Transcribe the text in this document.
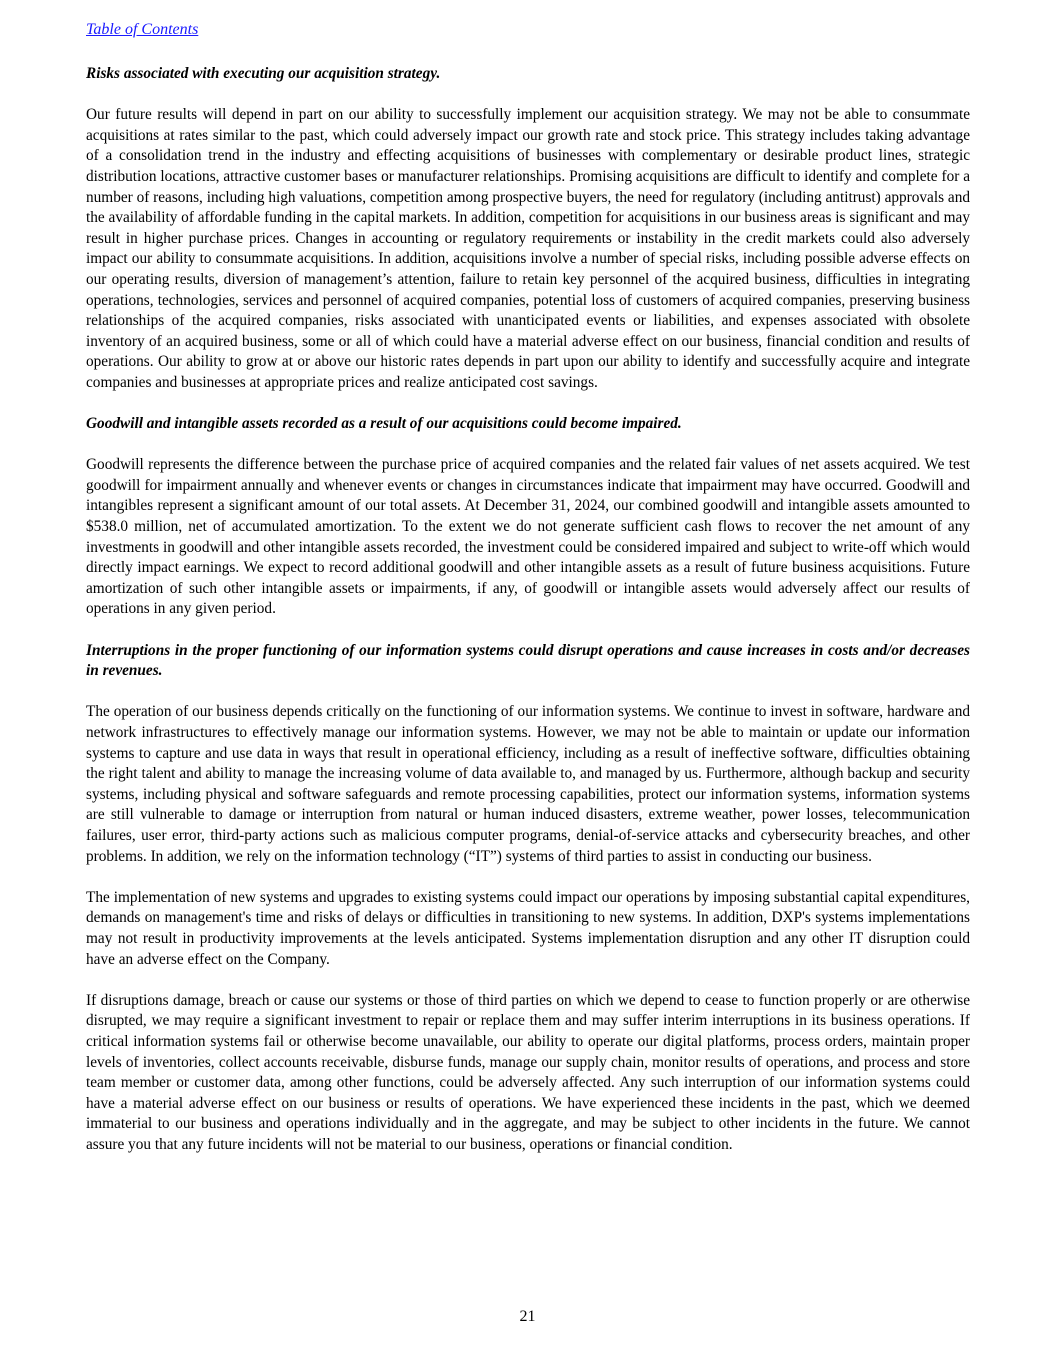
Table of Contents

Risks associated with executing our acquisition strategy.

Our future results will depend in part on our ability to successfully implement our acquisition strategy. We may not be able to consummate acquisitions at rates similar to the past, which could adversely impact our growth rate and stock price. This strategy includes taking advantage of a consolidation trend in the industry and effecting acquisitions of businesses with complementary or desirable product lines, strategic distribution locations, attractive customer bases or manufacturer relationships. Promising acquisitions are difficult to identify and complete for a number of reasons, including high valuations, competition among prospective buyers, the need for regulatory (including antitrust) approvals and the availability of affordable funding in the capital markets. In addition, competition for acquisitions in our business areas is significant and may result in higher purchase prices. Changes in accounting or regulatory requirements or instability in the credit markets could also adversely impact our ability to consummate acquisitions. In addition, acquisitions involve a number of special risks, including possible adverse effects on our operating results, diversion of management’s attention, failure to retain key personnel of the acquired business, difficulties in integrating operations, technologies, services and personnel of acquired companies, potential loss of customers of acquired companies, preserving business relationships of the acquired companies, risks associated with unanticipated events or liabilities, and expenses associated with obsolete inventory of an acquired business, some or all of which could have a material adverse effect on our business, financial condition and results of operations. Our ability to grow at or above our historic rates depends in part upon our ability to identify and successfully acquire and integrate companies and businesses at appropriate prices and realize anticipated cost savings.

Goodwill and intangible assets recorded as a result of our acquisitions could become impaired.

Goodwill represents the difference between the purchase price of acquired companies and the related fair values of net assets acquired. We test goodwill for impairment annually and whenever events or changes in circumstances indicate that impairment may have occurred. Goodwill and intangibles represent a significant amount of our total assets. At December 31, 2024, our combined goodwill and intangible assets amounted to $538.0 million, net of accumulated amortization. To the extent we do not generate sufficient cash flows to recover the net amount of any investments in goodwill and other intangible assets recorded, the investment could be considered impaired and subject to write-off which would directly impact earnings. We expect to record additional goodwill and other intangible assets as a result of future business acquisitions. Future amortization of such other intangible assets or impairments, if any, of goodwill or intangible assets would adversely affect our results of operations in any given period.

Interruptions in the proper functioning of our information systems could disrupt operations and cause increases in costs and/or decreases in revenues.

The operation of our business depends critically on the functioning of our information systems. We continue to invest in software, hardware and network infrastructures to effectively manage our information systems. However, we may not be able to maintain or update our information systems to capture and use data in ways that result in operational efficiency, including as a result of ineffective software, difficulties obtaining the right talent and ability to manage the increasing volume of data available to, and managed by us. Furthermore, although backup and security systems, including physical and software safeguards and remote processing capabilities, protect our information systems, information systems are still vulnerable to damage or interruption from natural or human induced disasters, extreme weather, power losses, telecommunication failures, user error, third-party actions such as malicious computer programs, denial-of-service attacks and cybersecurity breaches, and other problems. In addition, we rely on the information technology (“IT”) systems of third parties to assist in conducting our business.

The implementation of new systems and upgrades to existing systems could impact our operations by imposing substantial capital expenditures, demands on management's time and risks of delays or difficulties in transitioning to new systems. In addition, DXP's systems implementations may not result in productivity improvements at the levels anticipated. Systems implementation disruption and any other IT disruption could have an adverse effect on the Company.

If disruptions damage, breach or cause our systems or those of third parties on which we depend to cease to function properly or are otherwise disrupted, we may require a significant investment to repair or replace them and may suffer interim interruptions in its business operations. If critical information systems fail or otherwise become unavailable, our ability to operate our digital platforms, process orders, maintain proper levels of inventories, collect accounts receivable, disburse funds, manage our supply chain, monitor results of operations, and process and store team member or customer data, among other functions, could be adversely affected. Any such interruption of our information systems could have a material adverse effect on our business or results of operations. We have experienced these incidents in the past, which we deemed immaterial to our business and operations individually and in the aggregate, and may be subject to other incidents in the future. We cannot assure you that any future incidents will not be material to our business, operations or financial condition.

21
